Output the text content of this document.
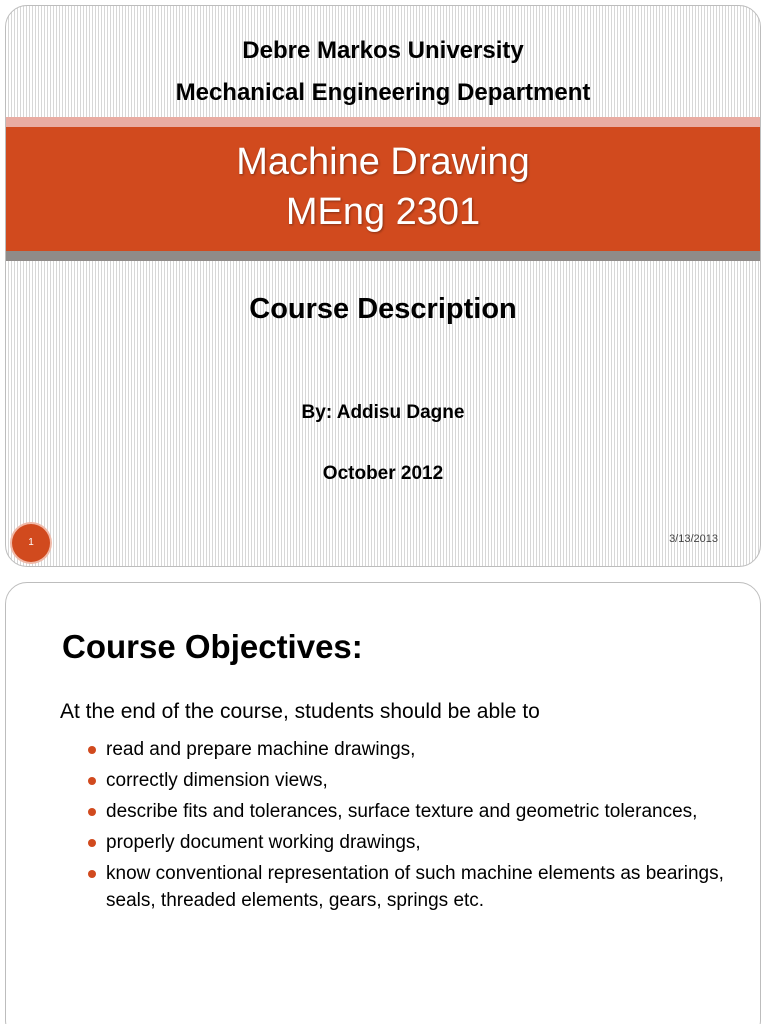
Debre Markos University
Mechanical Engineering Department
Machine Drawing
MEng 2301
Course Description
By: Addisu Dagne
October 2012
1	3/13/2013
Course Objectives:
At the end of the course, students should be able to
read and prepare machine drawings,
correctly dimension views,
describe fits and tolerances, surface texture and geometric tolerances,
properly document working drawings,
know conventional representation of such machine elements as bearings, seals, threaded elements, gears, springs etc.
